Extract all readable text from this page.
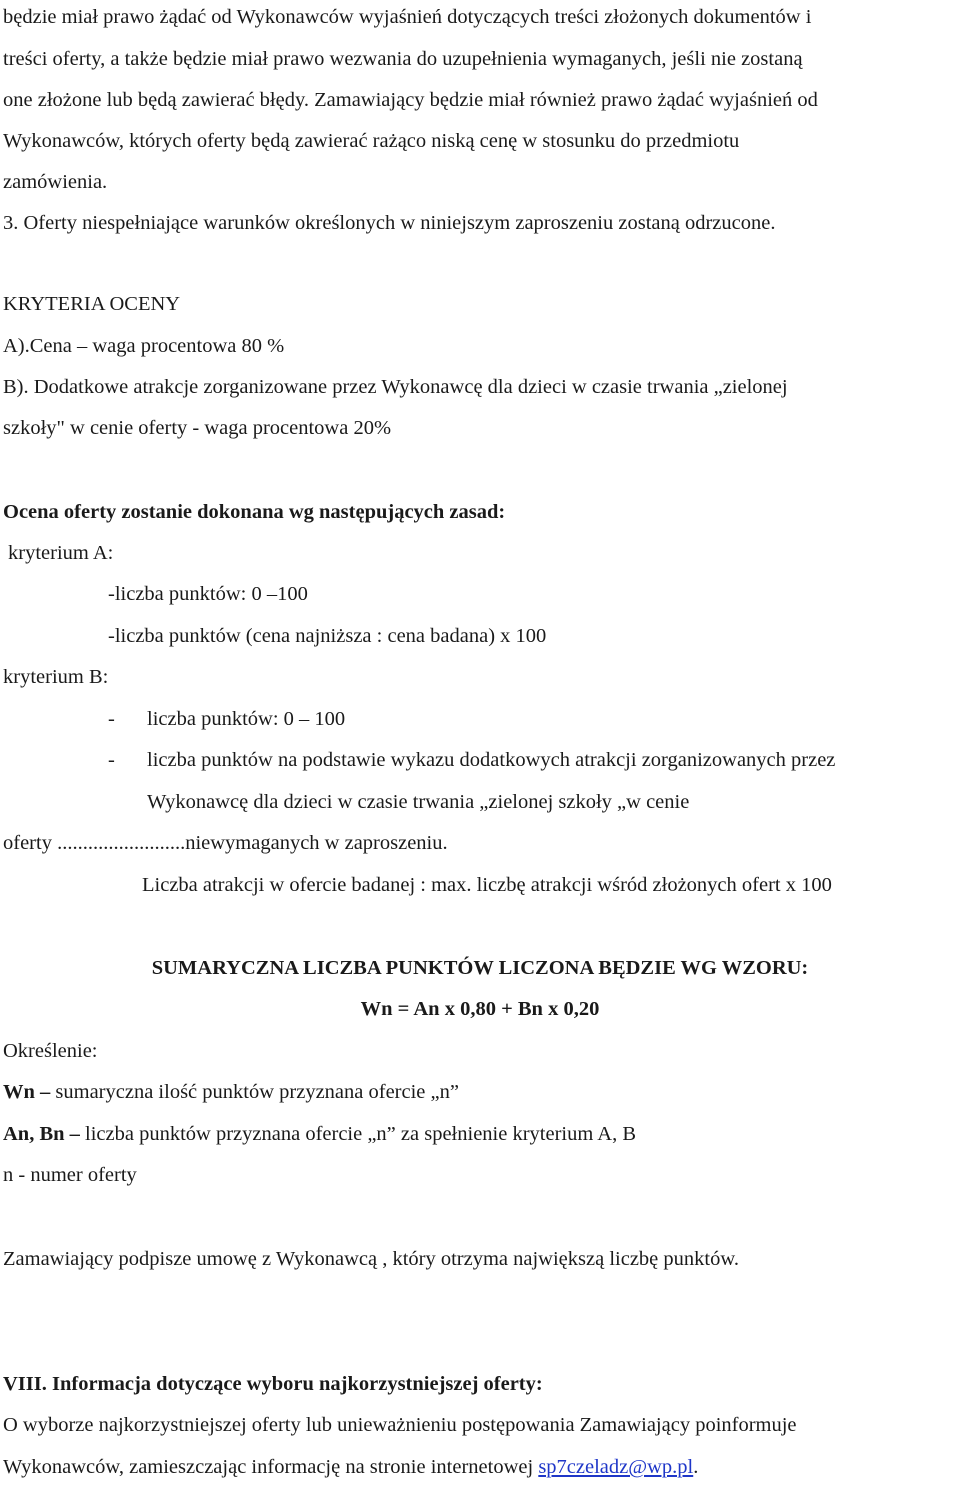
będzie miał prawo żądać od Wykonawców wyjaśnień dotyczących treści złożonych dokumentów i

treści oferty, a także będzie miał prawo wezwania do uzupełnienia wymaganych, jeśli nie zostaną

one złożone lub będą zawierać błędy. Zamawiający będzie miał również prawo żądać wyjaśnień od

Wykonawców, których oferty będą zawierać rażąco niską cenę w stosunku do przedmiotu

zamówienia.

3. Oferty niespełniające warunków określonych w niniejszym zaproszeniu zostaną odrzucone.

KRYTERIA OCENY

A).Cena – waga procentowa 80 %

B). Dodatkowe atrakcje zorganizowane przez Wykonawcę dla dzieci w czasie trwania „zielonej

szkoły" w cenie oferty - waga procentowa 20%

Ocena oferty zostanie dokonana wg następujących zasad:

kryterium A:

-liczba punktów: 0 –100

-liczba punktów (cena najniższa : cena badana) x 100

kryterium B:

- liczba punktów: 0 – 100

- liczba punktów na podstawie wykazu dodatkowych atrakcji zorganizowanych przez

Wykonawcę dla dzieci w czasie trwania „zielonej szkoły „w cenie

oferty .........................niewymaganych w zaproszeniu.

Liczba atrakcji w ofercie badanej : max. liczbę atrakcji wśród złożonych ofert x 100

SUMARYCZNA LICZBA PUNKTÓW LICZONA BĘDZIE WG WZORU:

Wn = An x 0,80 + Bn x 0,20

Określenie:

Wn – sumaryczna ilość punktów przyznana ofercie „n”

An, Bn – liczba punktów przyznana ofercie „n” za spełnienie kryterium A, B

n - numer oferty

Zamawiający podpisze umowę z Wykonawcą , który otrzyma największą liczbę punktów.

VIII. Informacja dotyczące wyboru najkorzystniejszej oferty:

O wyborze najkorzystniejszej oferty lub unieważnieniu postępowania Zamawiający poinformuje

Wykonawców, zamieszczając informację na stronie internetowej sp7czeladz@wp.pl.
